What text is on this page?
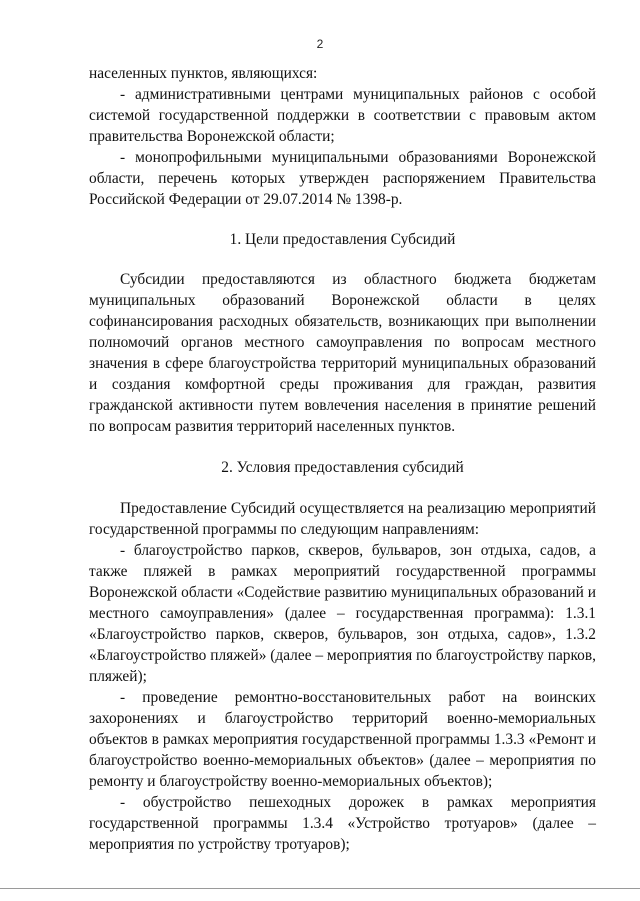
2

населенных пунктов, являющихся:

- административными центрами муниципальных районов с особой системой государственной поддержки в соответствии с правовым актом правительства Воронежской области;

- монопрофильными муниципальными образованиями Воронежской области, перечень которых утвержден распоряжением Правительства Российской Федерации от 29.07.2014 № 1398-р.

1. Цели предоставления Субсидий

Субсидии предоставляются из областного бюджета бюджетам муниципальных образований Воронежской области в целях софинансирования расходных обязательств, возникающих при выполнении полномочий органов местного самоуправления по вопросам местного значения в сфере благоустройства территорий муниципальных образований и создания комфортной среды проживания для граждан, развития гражданской активности путем вовлечения населения в принятие решений по вопросам развития территорий населенных пунктов.

2. Условия предоставления субсидий

Предоставление Субсидий осуществляется на реализацию мероприятий государственной программы по следующим направлениям:

- благоустройство парков, скверов, бульваров, зон отдыха, садов, а также пляжей в рамках мероприятий государственной программы Воронежской области «Содействие развитию муниципальных образований и местного самоуправления» (далее – государственная программа): 1.3.1 «Благоустройство парков, скверов, бульваров, зон отдыха, садов», 1.3.2 «Благоустройство пляжей» (далее – мероприятия по благоустройству парков, пляжей);

- проведение ремонтно-восстановительных работ на воинских захоронениях и благоустройство территорий военно-мемориальных объектов в рамках мероприятия государственной программы 1.3.3 «Ремонт и благоустройство военно-мемориальных объектов» (далее – мероприятия по ремонту и благоустройству военно-мемориальных объектов);

- обустройство пешеходных дорожек в рамках мероприятия государственной программы 1.3.4 «Устройство тротуаров» (далее – мероприятия по устройству тротуаров);
